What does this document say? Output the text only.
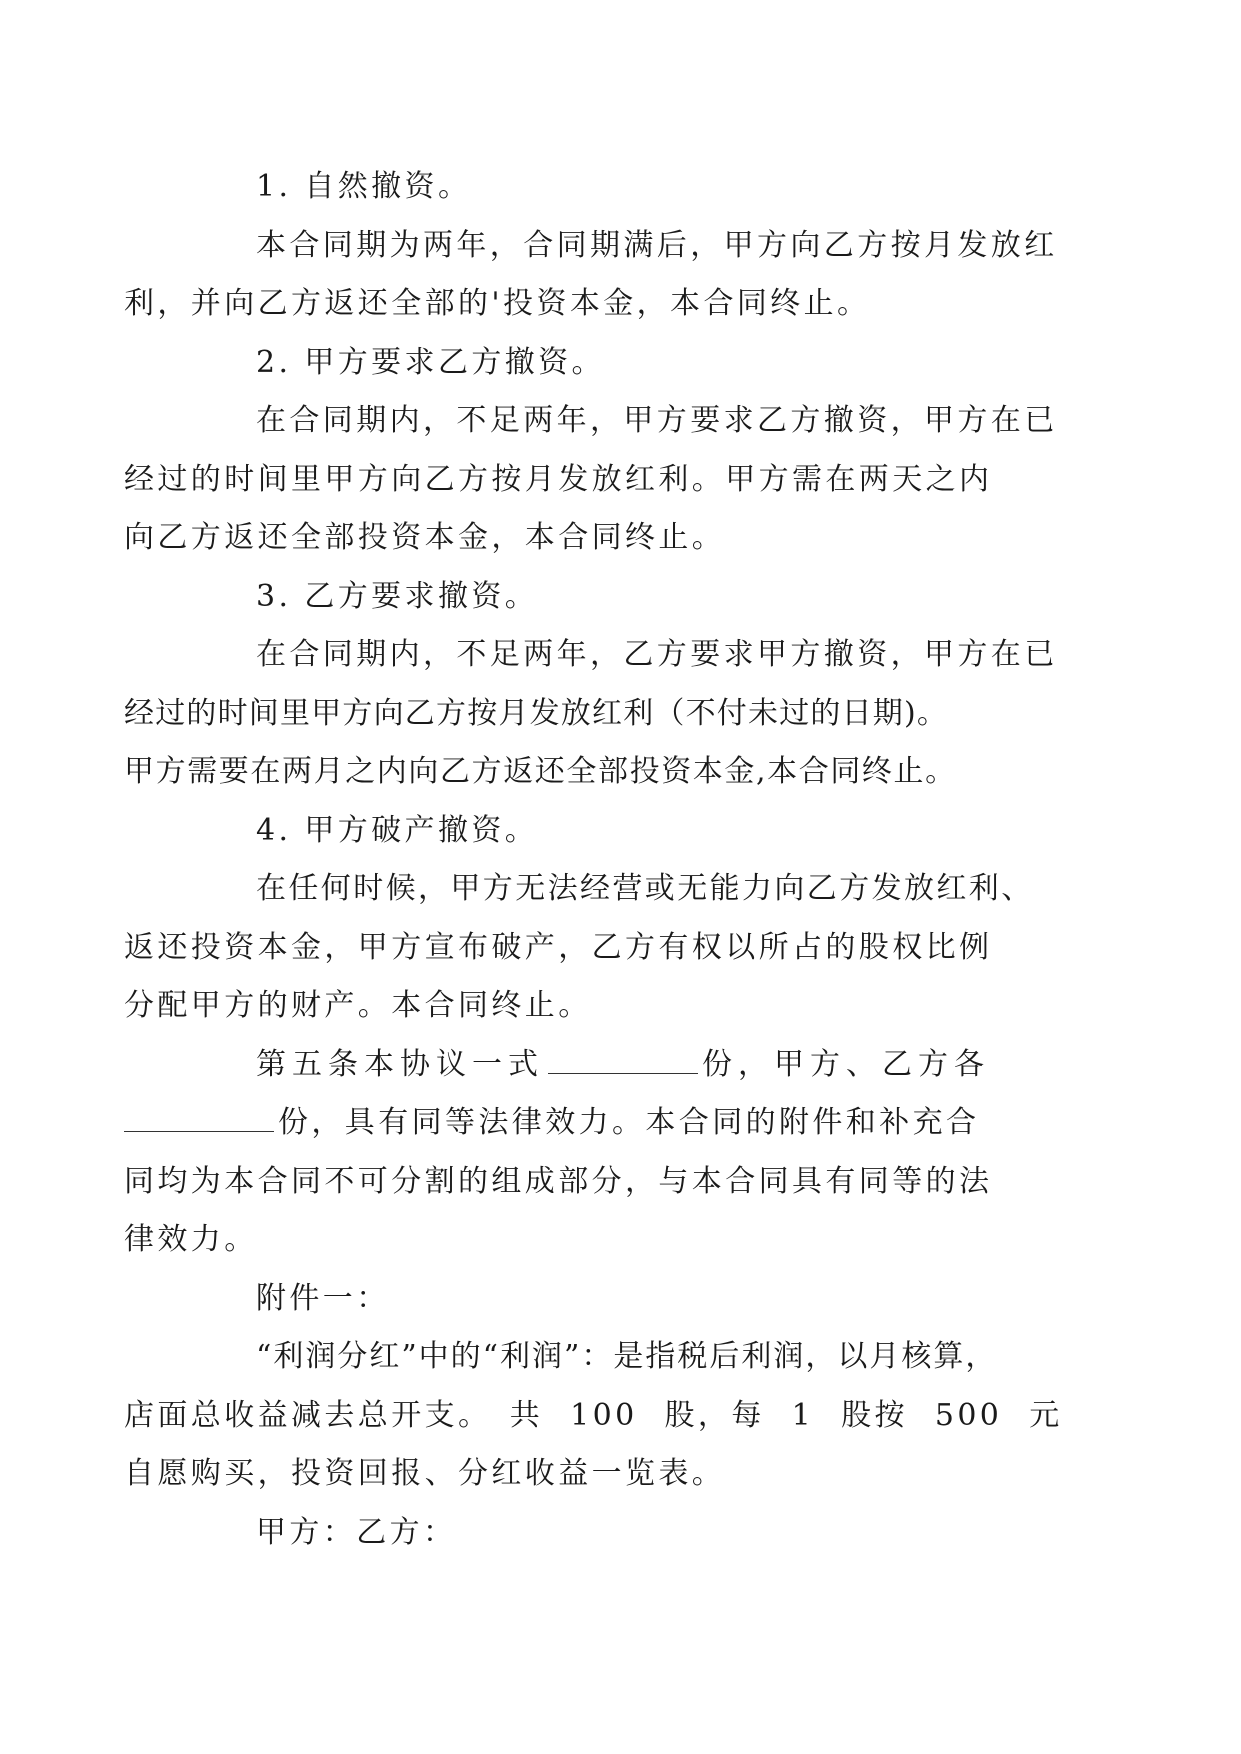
1. 自然撤资。

本合同期为两年，合同期满后，甲方向乙方按月发放红
利，并向乙方返还全部的'投资本金，本合同终止。

2. 甲方要求乙方撤资。

在合同期内，不足两年，甲方要求乙方撤资，甲方在已
经过的时间里甲方向乙方按月发放红利。甲方需在两天之内
向乙方返还全部投资本金，本合同终止。

3. 乙方要求撤资。

在合同期内，不足两年，乙方要求甲方撤资，甲方在已
经过的时间里甲方向乙方按月发放红利（不付未过的日期)。
甲方需要在两月之内向乙方返还全部投资本金,本合同终止。

4. 甲方破产撤资。

在任何时候，甲方无法经营或无能力向乙方发放红利、
返还投资本金，甲方宣布破产，乙方有权以所占的股权比例
分配甲方的财产。本合同终止。

第五条本协议一式	份，甲方、乙方各
份，具有同等法律效力。本合同的附件和补充合
同均为本合同不可分割的组成部分，与本合同具有同等的法
律效力。

附件一：

“利润分红”中的“利润”：是指税后利润，以月核算，
店面总收益减去总开支。　共 100 股，每 1 股按 500 元
自愿购买，投资回报、分红收益一览表。

甲方：乙方：
